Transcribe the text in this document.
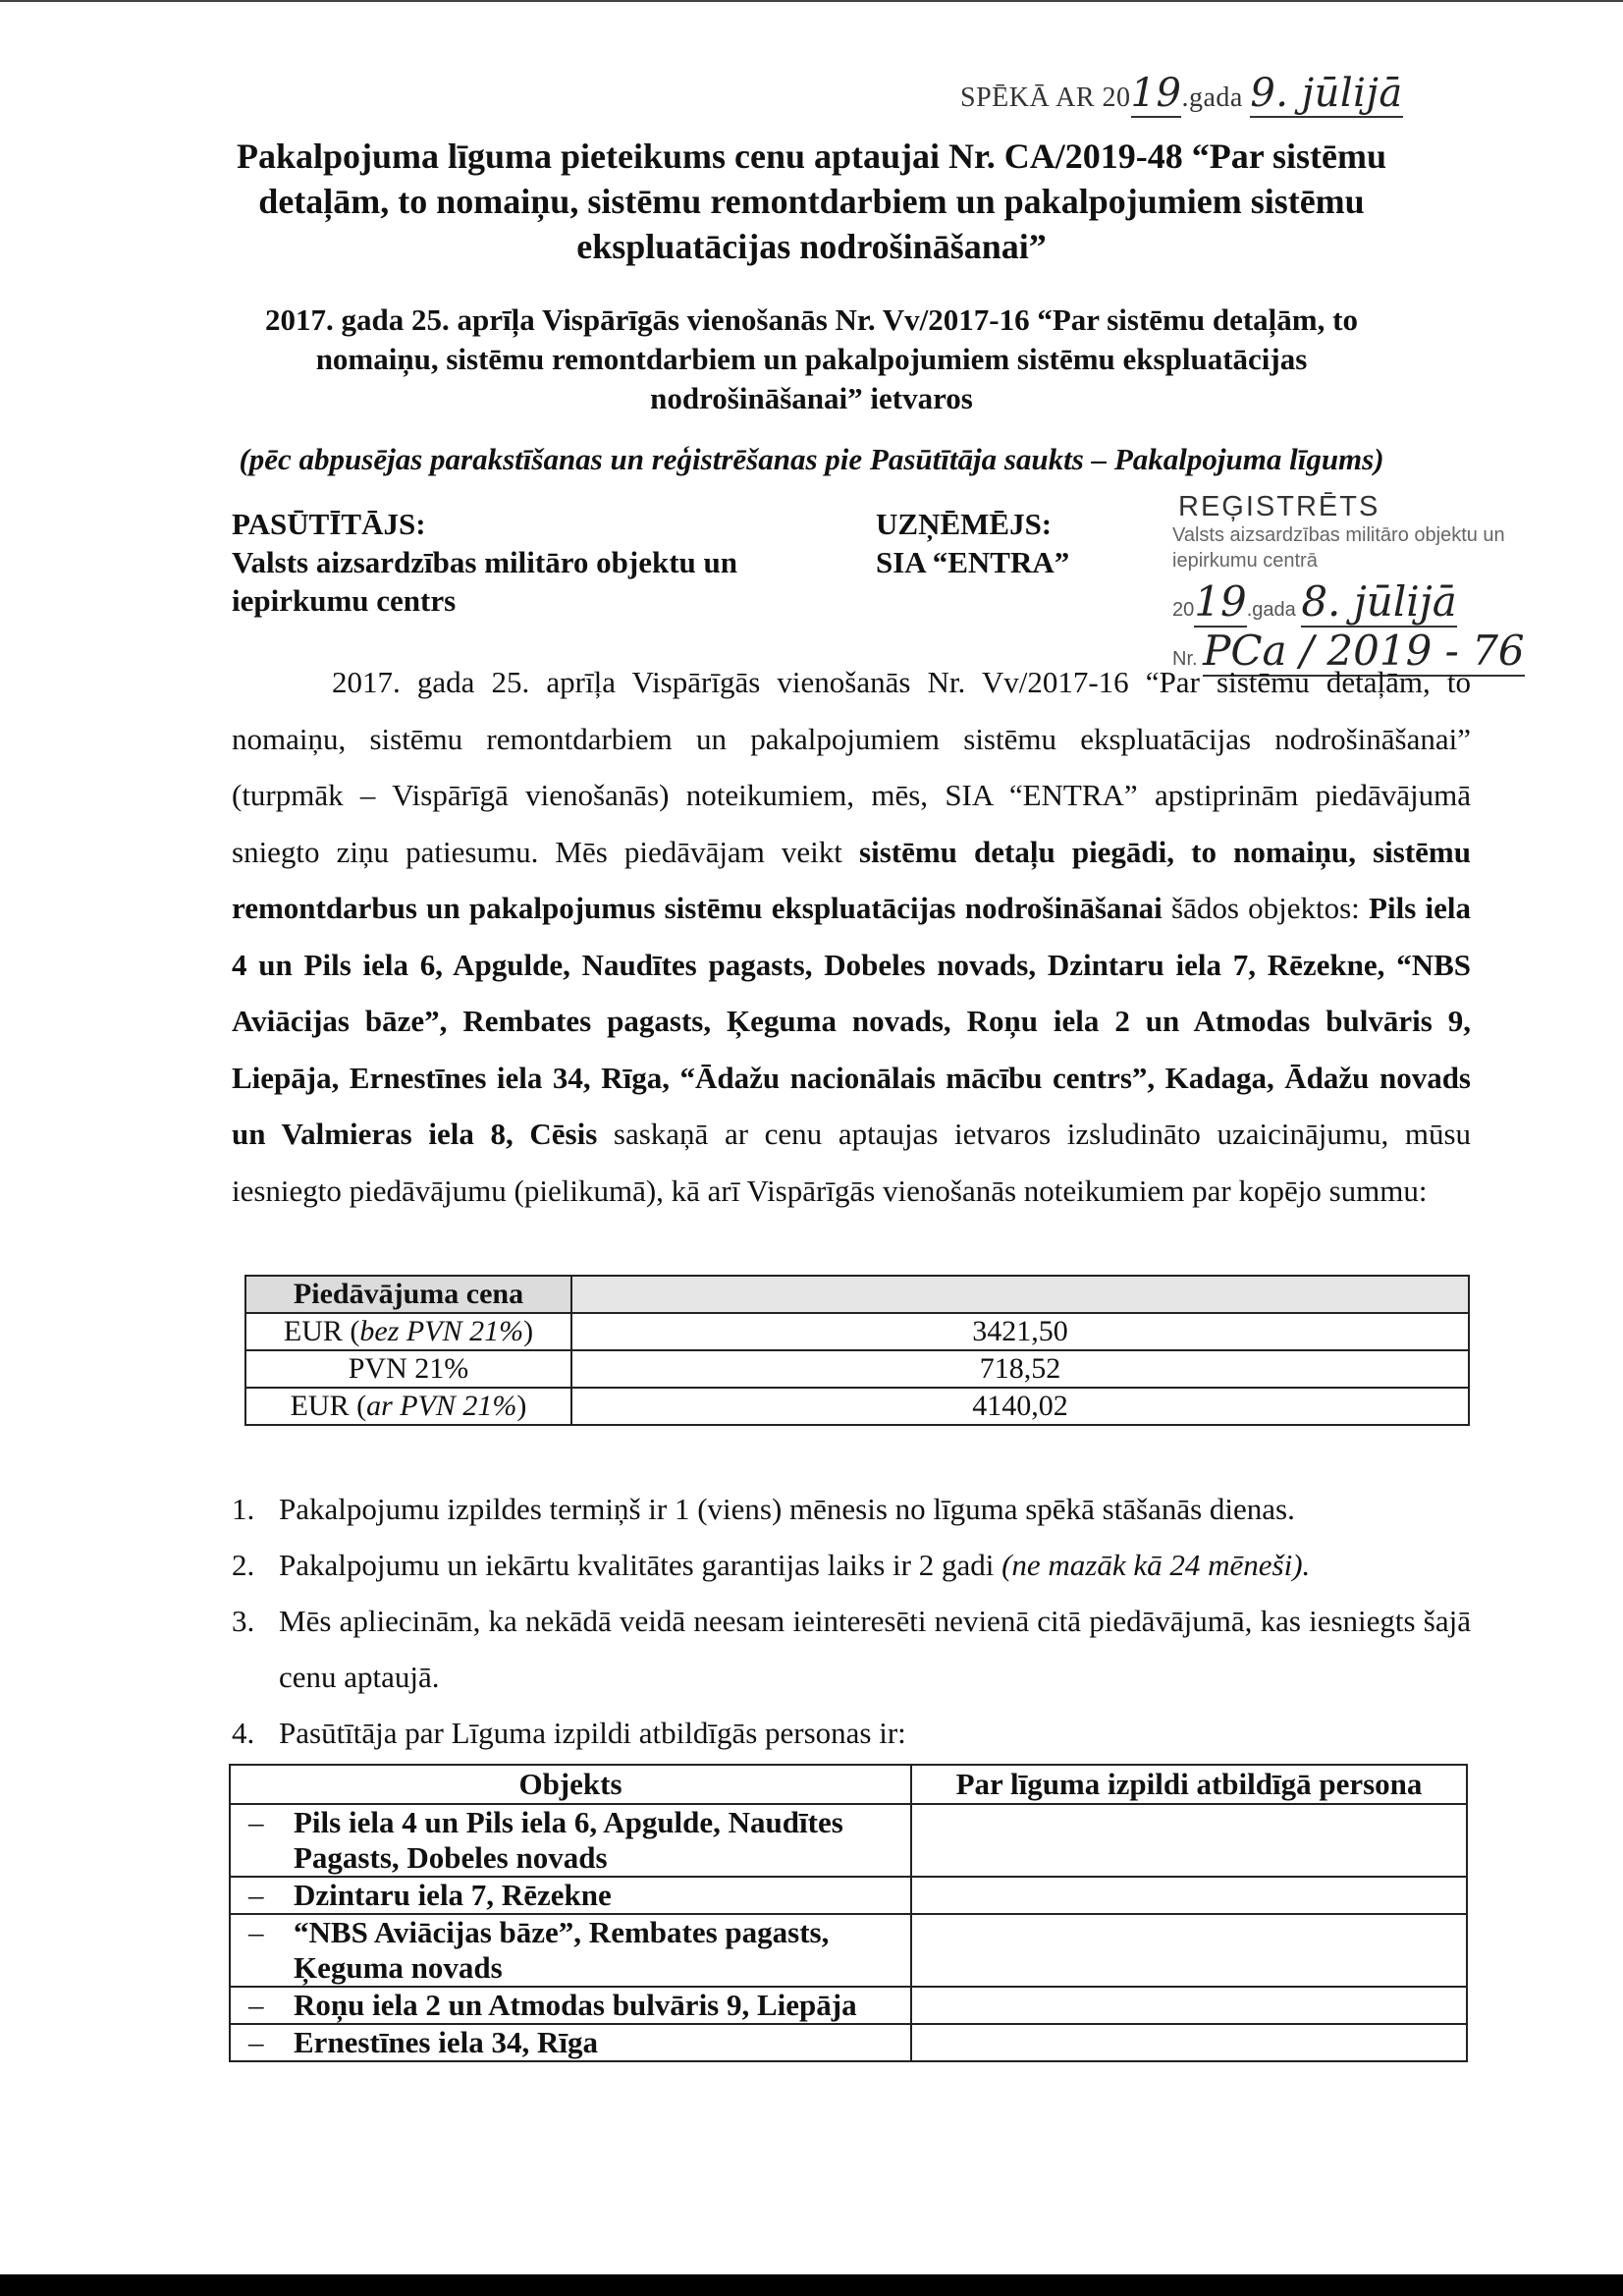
SPĒKĀ AR 2019.gada 9. jūlijā
Pakalpojuma līguma pieteikums cenu aptaujai Nr. CA/2019-48 “Par sistēmu detaļām, to nomaiņu, sistēmu remontdarbiem un pakalpojumiem sistēmu ekspluatācijas nodrošināšanai”
2017. gada 25. aprīļa Vispārīgās vienošanās Nr. Vv/2017-16 “Par sistēmu detaļām, to nomaiņu, sistēmu remontdarbiem un pakalpojumiem sistēmu ekspluatācijas nodrošināšanai” ietvaros
(pēc abpusējas parakstīšanas un reģistrēšanas pie Pasūtītāja saukts – Pakalpojuma līgums)
PASŪTĪTĀJS:
Valsts aizsardzības militāro objektu un iepirkumu centrs
UZŅĒMĒJS:
SIA “ENTRA”
REĢISTRĒTS
Valsts aizsardzības militāro objektu un iepirkumu centrā
2019.gada 8. jūlijā
Nr. PCa / 2019 - 76

2017. gada 25. aprīļa Vispārīgās vienošanās Nr. Vv/2017-16 “Par sistēmu detaļām, to nomaiņu, sistēmu remontdarbiem un pakalpojumiem sistēmu ekspluatācijas nodrošināšanai” (turpmāk – Vispārīgā vienošanās) noteikumiem, mēs, SIA “ENTRA” apstiprinām piedāvājumā sniegto ziņu patiesumu. Mēs piedāvājam veikt sistēmu detaļu piegādi, to nomaiņu, sistēmu remontdarbus un pakalpojumus sistēmu ekspluatācijas nodrošināšanai šādos objektos: Pils iela 4 un Pils iela 6, Apgulde, Naudītes pagasts, Dobeles novads, Dzintaru iela 7, Rēzekne, “NBS Aviācijas bāze”, Rembates pagasts, Ķeguma novads, Roņu iela 2 un Atmodas bulvāris 9, Liepāja, Ernestīnes iela 34, Rīga, “Ādažu nacionālais mācību centrs”, Kadaga, Ādažu novads un Valmieras iela 8, Cēsis saskaņā ar cenu aptaujas ietvaros izsludināto uzaicinājumu, mūsu iesniegto piedāvājumu (pielikumā), kā arī Vispārīgās vienošanās noteikumiem par kopējo summu:

Piedāvājuma cena	
EUR (bez PVN 21%)	3421,50
PVN 21%	718,52
EUR (ar PVN 21%)	4140,02
1. Pakalpojumu izpildes termiņš ir 1 (viens) mēnesis no līguma spēkā stāšanās dienas.
2. Pakalpojumu un iekārtu kvalitātes garantijas laiks ir 2 gadi (ne mazāk kā 24 mēneši).
3. Mēs apliecinām, ka nekādā veidā neesam ieinteresēti nevienā citā piedāvājumā, kas iesniegts šajā cenu aptaujā.
4. Pasūtītāja par Līguma izpildi atbildīgās personas ir:
Objekts	Par līguma izpildi atbildīgā persona

– Pils iela 4 un Pils iela 6, Apgulde, Naudītes Pagasts, Dobeles novads	

– Dzintaru iela 7, Rēzekne	

– “NBS Aviācijas bāze”, Rembates pagasts, Ķeguma novads	

– Roņu iela 2 un Atmodas bulvāris 9, Liepāja	

– Ernestīnes iela 34, Rīga	
